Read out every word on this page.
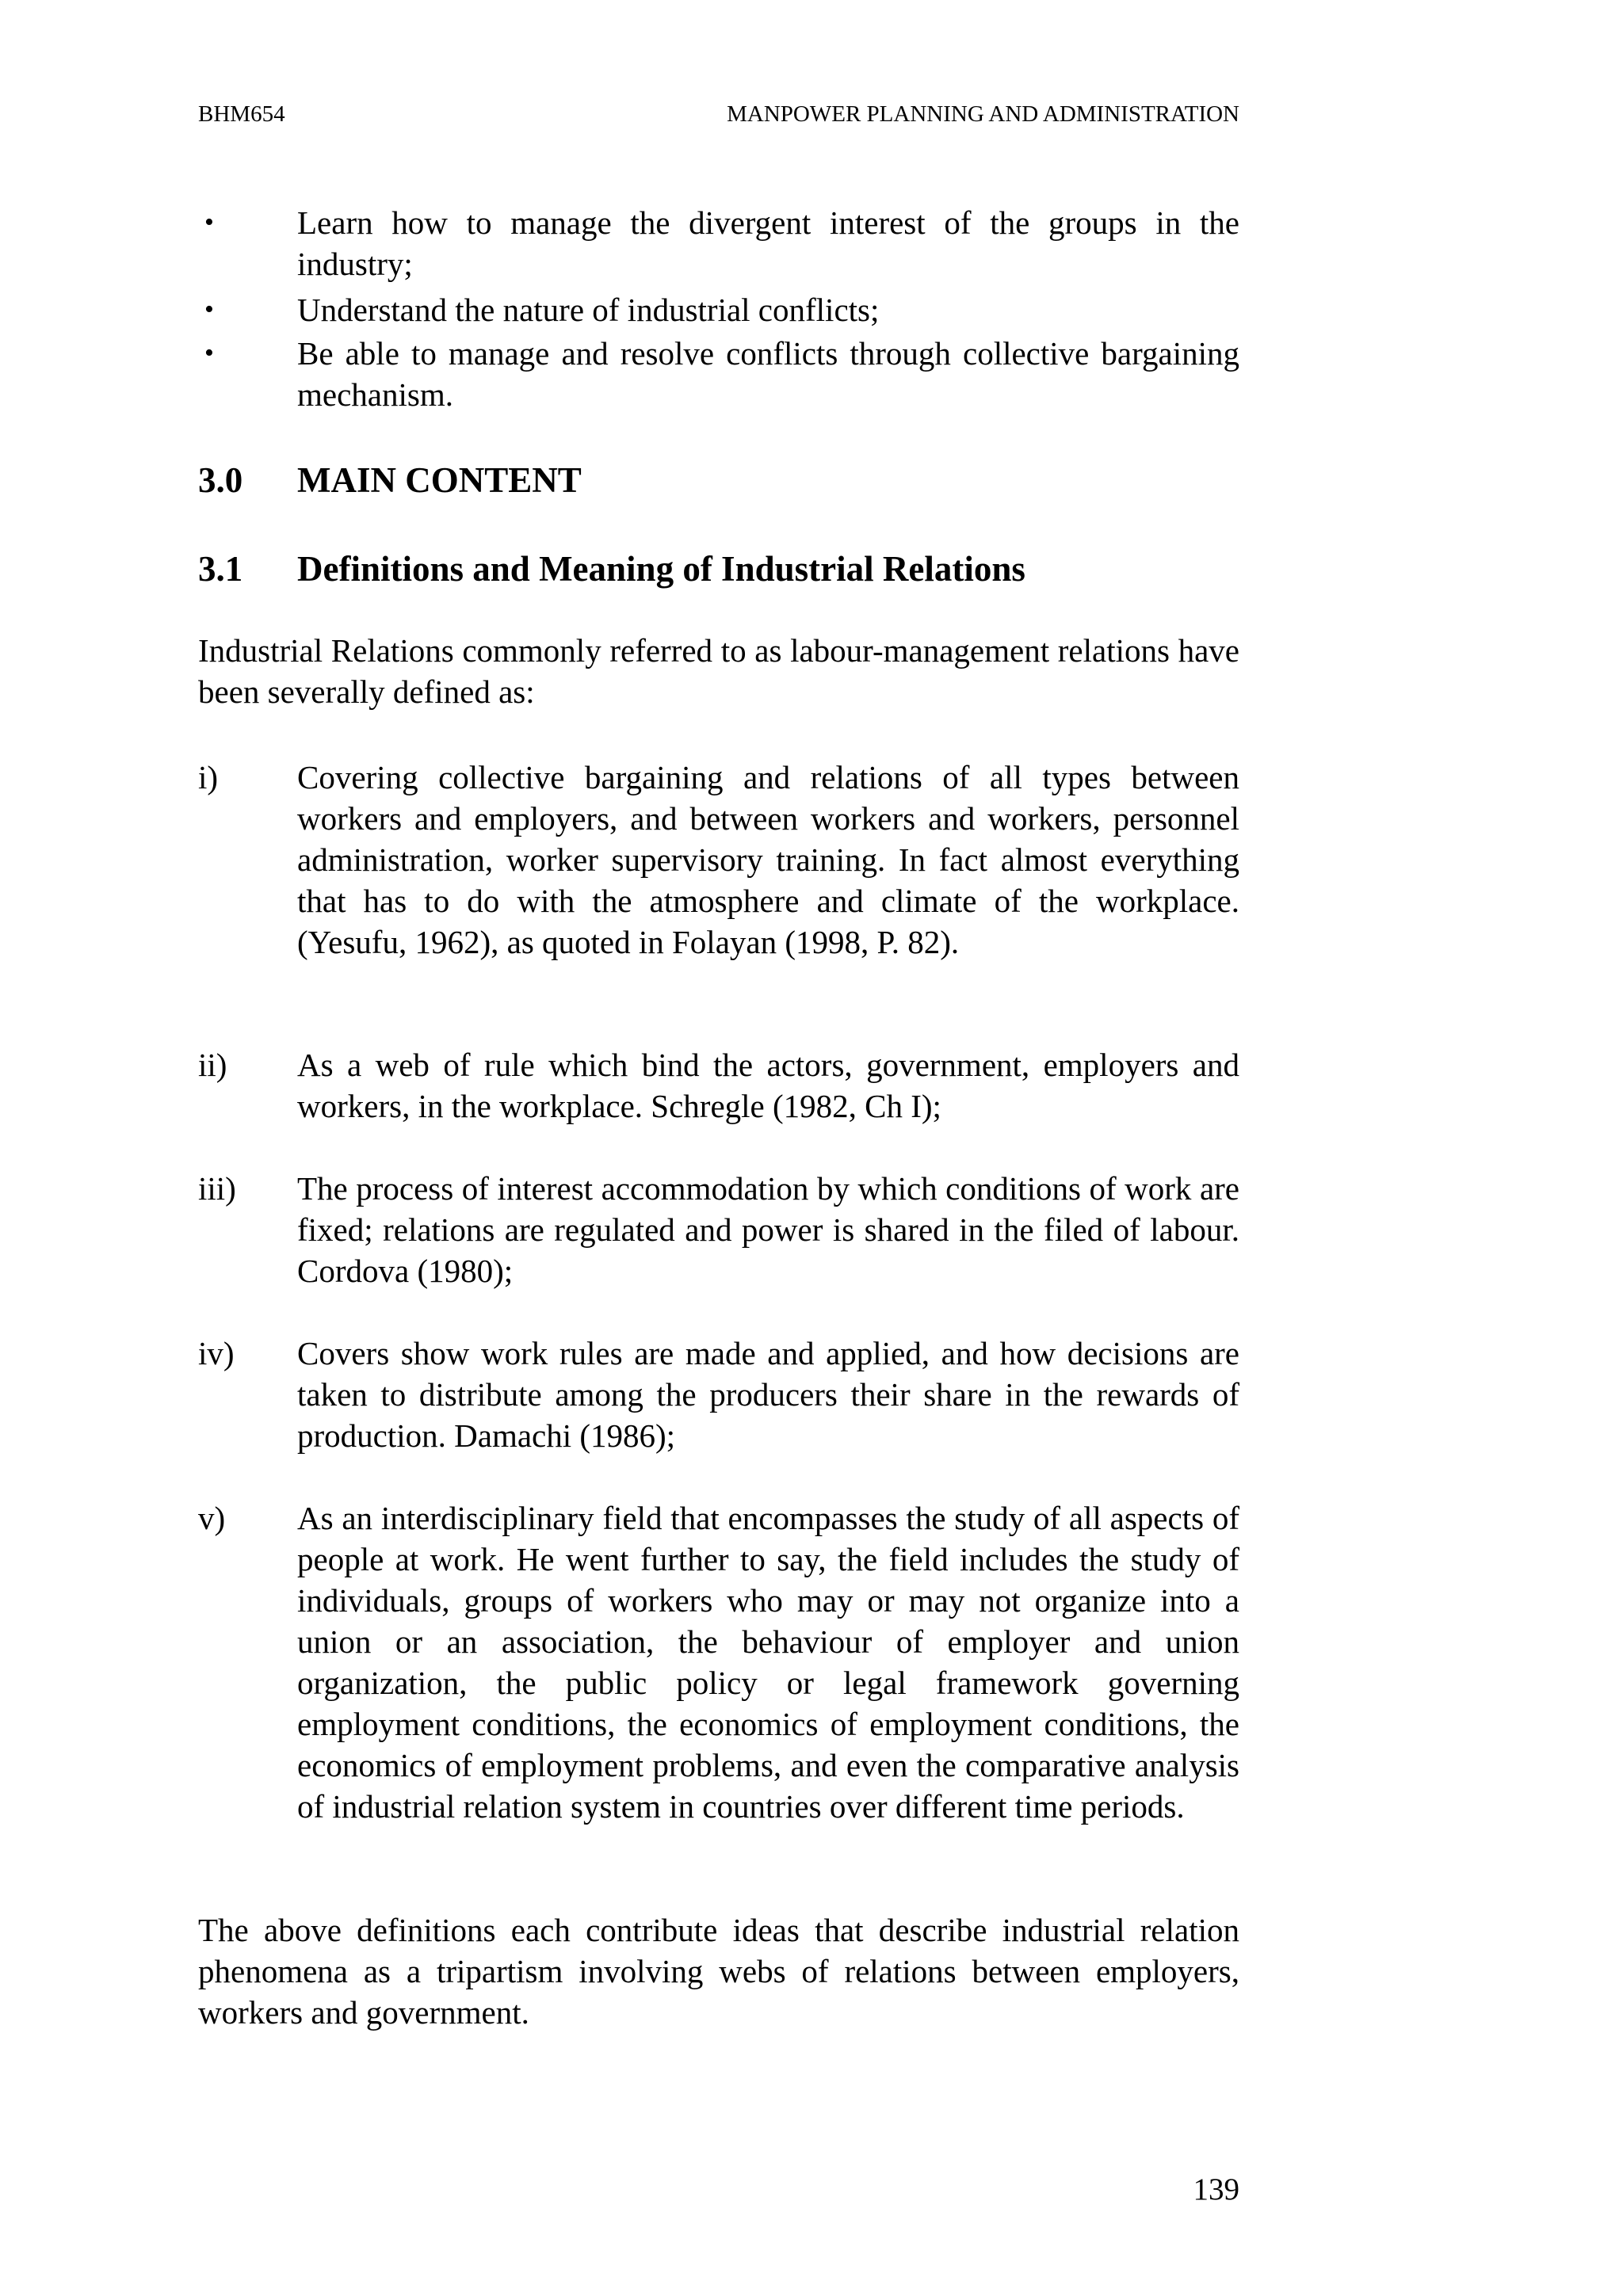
BHM654	MANPOWER PLANNING AND ADMINISTRATION
•	Learn how to manage the divergent interest of the groups in the industry;
•	Understand the nature of industrial conflicts;
•	Be able to manage and resolve conflicts through collective bargaining mechanism.
3.0 MAIN CONTENT
3.1 Definitions and Meaning of Industrial Relations
Industrial Relations commonly referred to as labour-management relations have been severally defined as:
i)	Covering collective bargaining and relations of all types between workers and employers, and between workers and workers, personnel administration, worker supervisory training. In fact almost everything that has to do with the atmosphere and climate of the workplace. (Yesufu, 1962), as quoted in Folayan (1998, P. 82).
ii)	As a web of rule which bind the actors, government, employers and workers, in the workplace. Schregle (1982, Ch I);
iii)	The process of interest accommodation by which conditions of work are fixed; relations are regulated and power is shared in the filed of labour. Cordova (1980);
iv)	Covers show work rules are made and applied, and how decisions are taken to distribute among the producers their share in the rewards of production. Damachi (1986);
v)	As an interdisciplinary field that encompasses the study of all aspects of people at work. He went further to say, the field includes the study of individuals, groups of workers who may or may not organize into a union or an association, the behaviour of employer and union organization, the public policy or legal framework governing employment conditions, the economics of employment conditions, the economics of employment problems, and even the comparative analysis of industrial relation system in countries over different time periods.
The above definitions each contribute ideas that describe industrial relation phenomena as a tripartism involving webs of relations between employers, workers and government.
139
